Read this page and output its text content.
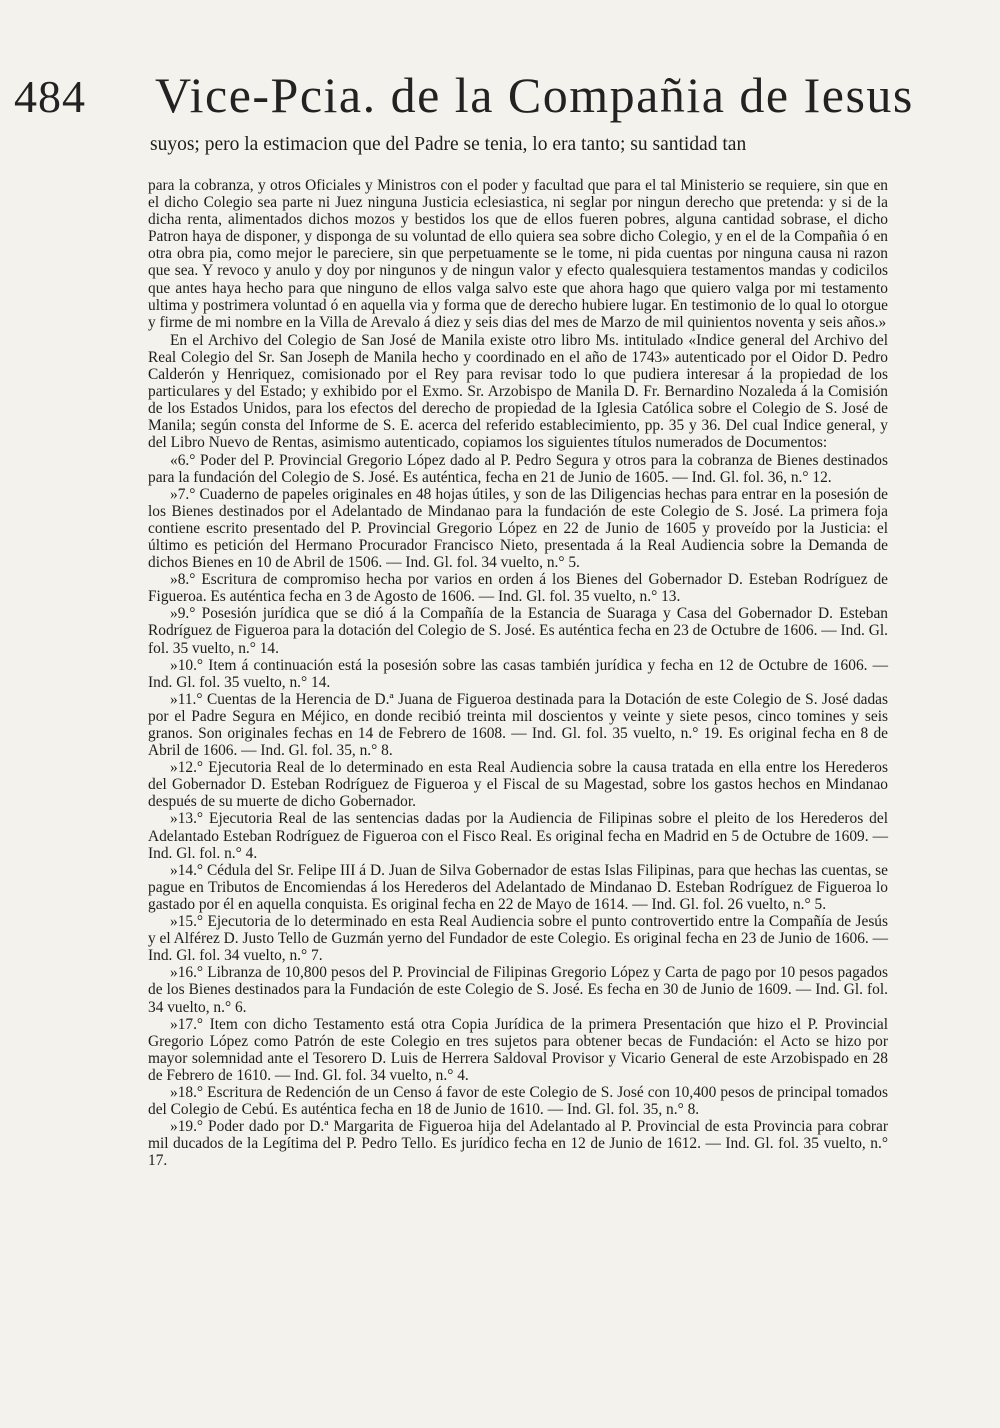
484 Vice-Pcia. de la Compañia de Iesus
suyos; pero la estimacion que del Padre se tenia, lo era tanto; su santidad tan

para la cobranza, y otros Oficiales y Ministros con el poder y facultad que para el tal Ministerio se requiere, sin que en el dicho Colegio sea parte ni Juez ninguna Justicia eclesiastica, ni seglar por ningun derecho que pretenda: y si de la dicha renta, alimentados dichos mozos y bestidos los que de ellos fueren pobres, alguna cantidad sobrase, el dicho Patron haya de disponer, y disponga de su voluntad de ello quiera sea sobre dicho Colegio, y en el de la Compañia ó en otra obra pia, como mejor le pareciere, sin que perpetuamente se le tome, ni pida cuentas por ninguna causa ni razon que sea. Y revoco y anulo y doy por ningunos y de ningun valor y efecto qualesquiera testamentos mandas y codicilos que antes haya hecho para que ninguno de ellos valga salvo este que ahora hago que quiero valga por mi testamento ultima y postrimera voluntad ó en aquella via y forma que de derecho hubiere lugar. En testimonio de lo qual lo otorgue y firme de mi nombre en la Villa de Arevalo á diez y seis dias del mes de Marzo de mil quinientos noventa y seis años.»

En el Archivo del Colegio de San José de Manila existe otro libro Ms. intitulado «Indice general del Archivo del Real Colegio del Sr. San Joseph de Manila hecho y coordinado en el año de 1743» autenticado por el Oidor D. Pedro Calderón y Henriquez, comisionado por el Rey para revisar todo lo que pudiera interesar á la propiedad de los particulares y del Estado; y exhibido por el Exmo. Sr. Arzobispo de Manila D. Fr. Bernardino Nozaleda á la Comisión de los Estados Unidos, para los efectos del derecho de propiedad de la Iglesia Católica sobre el Colegio de S. José de Manila; según consta del Informe de S. E. acerca del referido establecimiento, pp. 35 y 36. Del cual Indice general, y del Libro Nuevo de Rentas, asimismo autenticado, copiamos los siguientes títulos numerados de Documentos:

«6.° Poder del P. Provincial Gregorio López dado al P. Pedro Segura y otros para la cobranza de Bienes destinados para la fundación del Colegio de S. José. Es auténtica, fecha en 21 de Junio de 1605. — Ind. Gl. fol. 36, n.° 12.

»7.° Cuaderno de papeles originales en 48 hojas útiles, y son de las Diligencias hechas para entrar en la posesión de los Bienes destinados por el Adelantado de Mindanao para la fundación de este Colegio de S. José. La primera foja contiene escrito presentado del P. Provincial Gregorio López en 22 de Junio de 1605 y proveído por la Justicia: el último es petición del Hermano Procurador Francisco Nieto, presentada á la Real Audiencia sobre la Demanda de dichos Bienes en 10 de Abril de 1506. — Ind. Gl. fol. 34 vuelto, n.° 5.

»8.° Escritura de compromiso hecha por varios en orden á los Bienes del Gobernador D. Esteban Rodríguez de Figueroa. Es auténtica fecha en 3 de Agosto de 1606. — Ind. Gl. fol. 35 vuelto, n.° 13.

»9.° Posesión jurídica que se dió á la Compañía de la Estancia de Suaraga y Casa del Gobernador D. Esteban Rodríguez de Figueroa para la dotación del Colegio de S. José. Es auténtica fecha en 23 de Octubre de 1606. — Ind. Gl. fol. 35 vuelto, n.° 14.

»10.° Item á continuación está la posesión sobre las casas también jurídica y fecha en 12 de Octubre de 1606. — Ind. Gl. fol. 35 vuelto, n.° 14.

»11.° Cuentas de la Herencia de D.ª Juana de Figueroa destinada para la Dotación de este Colegio de S. José dadas por el Padre Segura en Méjico, en donde recibió treinta mil doscientos y veinte y siete pesos, cinco tomines y seis granos. Son originales fechas en 14 de Febrero de 1608. — Ind. Gl. fol. 35 vuelto, n.° 19. Es original fecha en 8 de Abril de 1606. — Ind. Gl. fol. 35, n.° 8.

»12.° Ejecutoria Real de lo determinado en esta Real Audiencia sobre la causa tratada en ella entre los Herederos del Gobernador D. Esteban Rodríguez de Figueroa y el Fiscal de su Magestad, sobre los gastos hechos en Mindanao después de su muerte de dicho Gobernador.

»13.° Ejecutoria Real de las sentencias dadas por la Audiencia de Filipinas sobre el pleito de los Herederos del Adelantado Esteban Rodríguez de Figueroa con el Fisco Real. Es original fecha en Madrid en 5 de Octubre de 1609. — Ind. Gl. fol. n.° 4.

»14.° Cédula del Sr. Felipe III á D. Juan de Silva Gobernador de estas Islas Filipinas, para que hechas las cuentas, se pague en Tributos de Encomiendas á los Herederos del Adelantado de Mindanao D. Esteban Rodríguez de Figueroa lo gastado por él en aquella conquista. Es original fecha en 22 de Mayo de 1614. — Ind. Gl. fol. 26 vuelto, n.° 5.

»15.° Ejecutoria de lo determinado en esta Real Audiencia sobre el punto controvertido entre la Compañía de Jesús y el Alférez D. Justo Tello de Guzmán yerno del Fundador de este Colegio. Es original fecha en 23 de Junio de 1606. — Ind. Gl. fol. 34 vuelto, n.° 7.

»16.° Libranza de 10,800 pesos del P. Provincial de Filipinas Gregorio López y Carta de pago por 10 pesos pagados de los Bienes destinados para la Fundación de este Colegio de S. José. Es fecha en 30 de Junio de 1609. — Ind. Gl. fol. 34 vuelto, n.° 6.

»17.° Item con dicho Testamento está otra Copia Jurídica de la primera Presentación que hizo el P. Provincial Gregorio López como Patrón de este Colegio en tres sujetos para obtener becas de Fundación: el Acto se hizo por mayor solemnidad ante el Tesorero D. Luis de Herrera Saldoval Provisor y Vicario General de este Arzobispado en 28 de Febrero de 1610. — Ind. Gl. fol. 34 vuelto, n.° 4.

»18.° Escritura de Redención de un Censo á favor de este Colegio de S. José con 10,400 pesos de principal tomados del Colegio de Cebú. Es auténtica fecha en 18 de Junio de 1610. — Ind. Gl. fol. 35, n.° 8.

»19.° Poder dado por D.ª Margarita de Figueroa hija del Adelantado al P. Provincial de esta Provincia para cobrar mil ducados de la Legítima del P. Pedro Tello. Es jurídico fecha en 12 de Junio de 1612. — Ind. Gl. fol. 35 vuelto, n.° 17.
